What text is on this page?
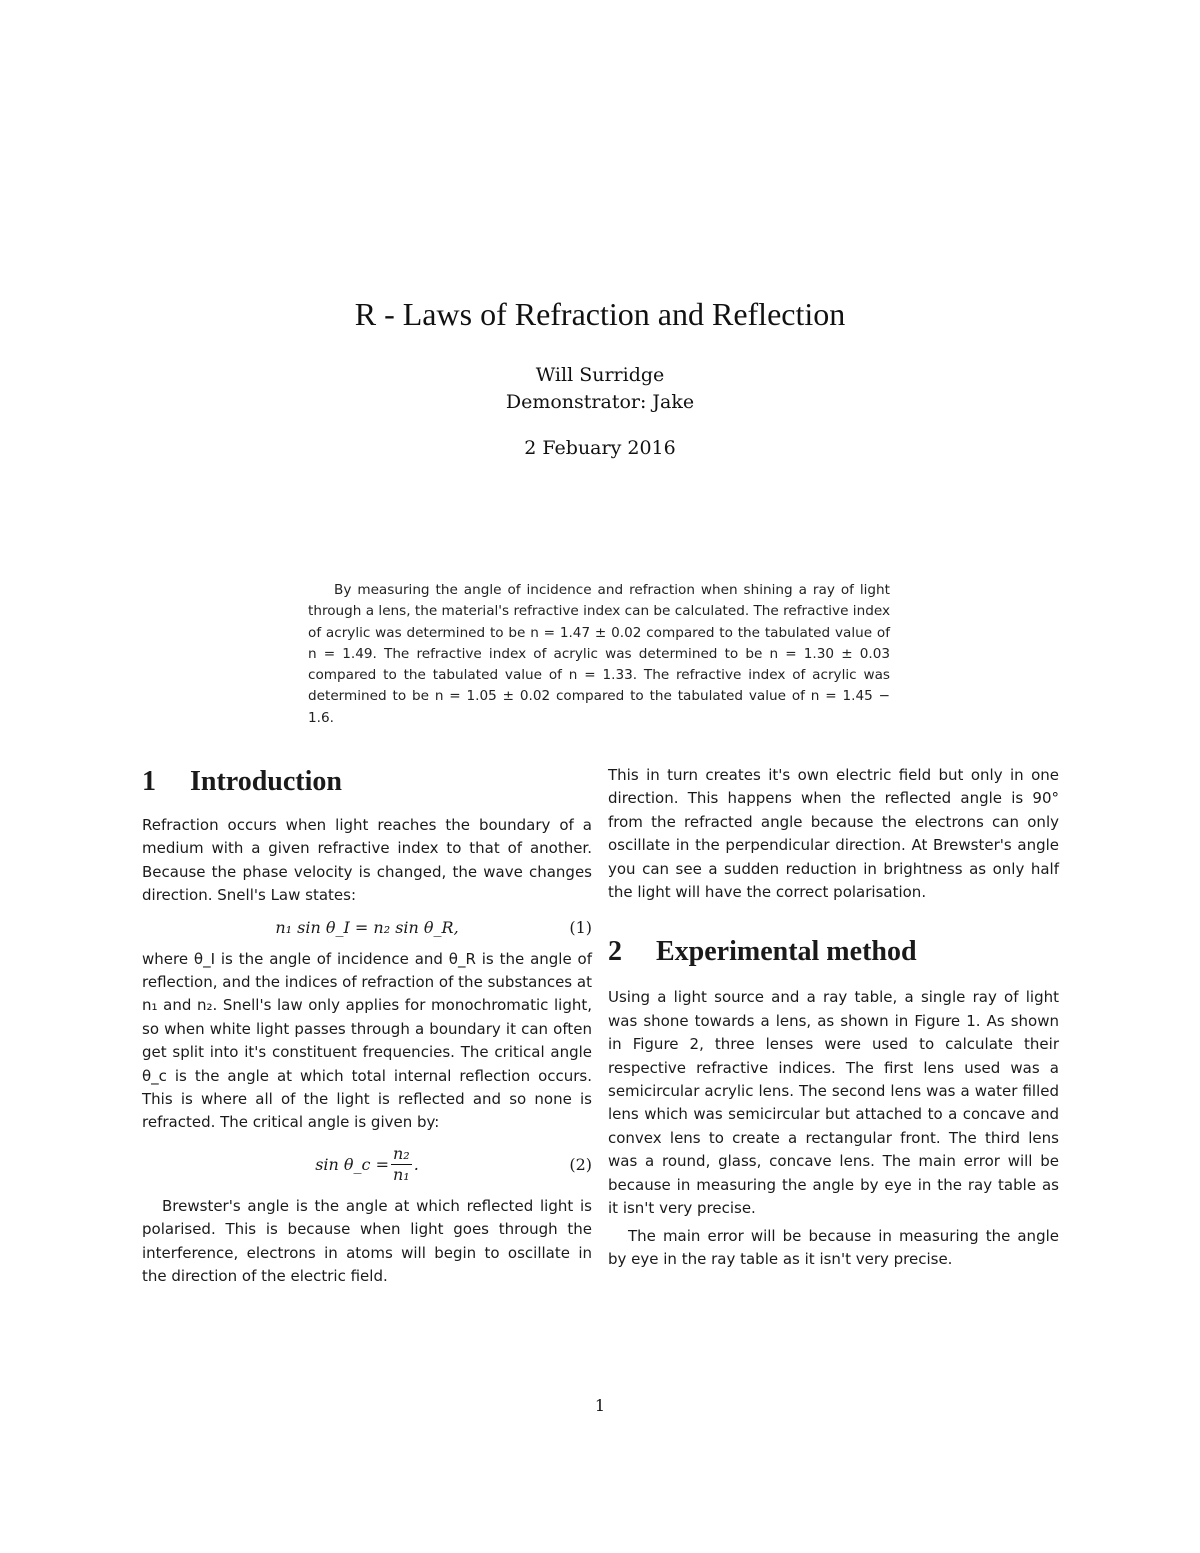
R - Laws of Refraction and Reflection
Will Surridge
Demonstrator: Jake
2 Febuary 2016

By measuring the angle of incidence and refraction when shining a ray of light through a lens, the material's refractive index can be calculated. The refractive index of acrylic was determined to be n = 1.47 ± 0.02 compared to the tabulated value of n = 1.49. The refractive index of acrylic was determined to be n = 1.30 ± 0.03 compared to the tabulated value of n = 1.33. The refractive index of acrylic was determined to be n = 1.05 ± 0.02 compared to the tabulated value of n = 1.45 − 1.6.

1 Introduction

Refraction occurs when light reaches the boundary of a medium with a given refractive index to that of another. Because the phase velocity is changed, the wave changes direction. Snell's Law states:

n₁ sin θ_I = n₂ sin θ_R,	(1)

where θ_I is the angle of incidence and θ_R is the angle of reflection, and the indices of refraction of the substances at n₁ and n₂. Snell's law only applies for monochromatic light, so when white light passes through a boundary it can often get split into it's constituent frequencies. The critical angle θ_c is the angle at which total internal reflection occurs. This is where all of the light is reflected and so none is refracted. The critical angle is given by:

sin θ_c = $\frac{\text{n₂}}{\text{n₁}}$ .	(2)

Brewster's angle is the angle at which reflected light is polarised. This is because when light goes through the interference, electrons in atoms will begin to oscillate in the direction of the electric field.

This in turn creates it's own electric field but only in one direction. This happens when the reflected angle is 90° from the refracted angle because the electrons can only oscillate in the perpendicular direction. At Brewster's angle you can see a sudden reduction in brightness as only half the light will have the correct polarisation.

2 Experimental method

Using a light source and a ray table, a single ray of light was shone towards a lens, as shown in Figure 1. As shown in Figure 2, three lenses were used to calculate their respective refractive indices. The first lens used was a semicircular acrylic lens. The second lens was a water filled lens which was semicircular but attached to a concave and convex lens to create a rectangular front. The third lens was a round, glass, concave lens. The main error will be because in measuring the angle by eye in the ray table as it isn't very precise.

The main error will be because in measuring the angle by eye in the ray table as it isn't very precise.

1
